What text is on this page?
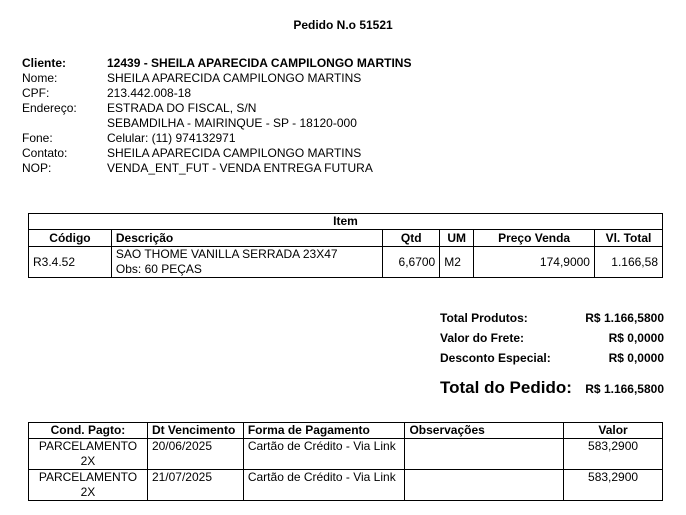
Pedido N.o 51521
Cliente:	12439 - SHEILA APARECIDA CAMPILONGO MARTINS
Nome:	SHEILA APARECIDA CAMPILONGO MARTINS
CPF:	213.442.008-18
Endereço:	ESTRADA DO FISCAL, S/N
SEBAMDILHA - MAIRINQUE - SP - 18120-000
Fone:	Celular: (11) 974132971
Contato:	SHEILA APARECIDA CAMPILONGO MARTINS
NOP:	VENDA_ENT_FUT - VENDA ENTREGA FUTURA
Item					
Código	Descrição	Qtd	UM	Preço Venda	Vl. Total
R3.4.52	SAO THOME VANILLA SERRADA 23X47
Obs: 60 PEÇAS	6,6700	M2	174,9000	1.166,58
Total Produtos:	R$ 1.166,5800
Valor do Frete:	R$ 0,0000
Desconto Especial:	R$ 0,0000
Total do Pedido: R$ 1.166,5800
Cond. Pagto:	Dt Vencimento	Forma de Pagamento	Observações	Valor
PARCELAMENTO 2X	20/06/2025	Cartão de Crédito - Via Link		583,2900
PARCELAMENTO 2X	21/07/2025	Cartão de Crédito - Via Link		583,2900
